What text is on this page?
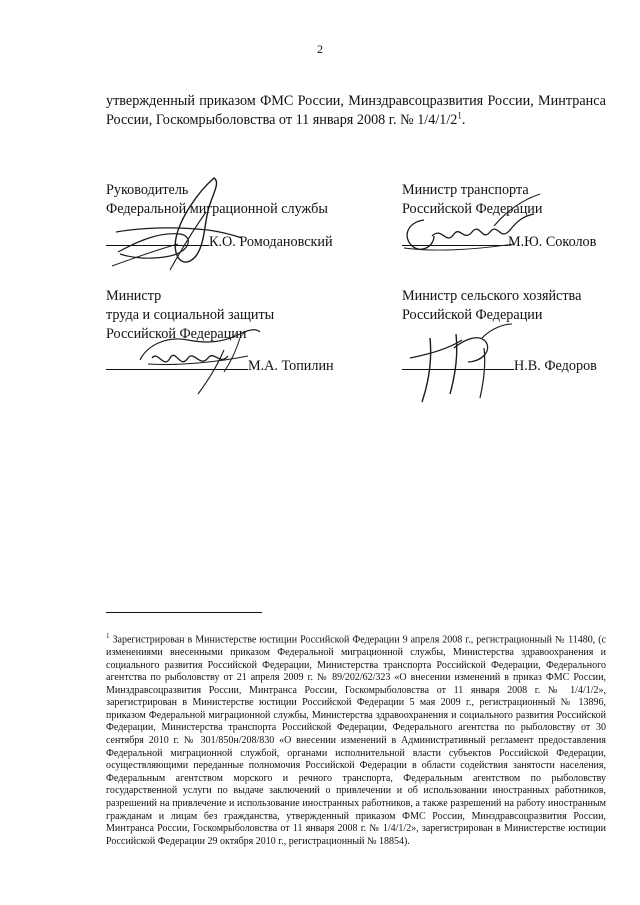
2
утвержденный приказом ФМС России, Минздравсоцразвития России, Минтранса России, Госкомрыболовства от 11 января 2008 г. № $1/4/1/2^1$.
Руководитель
Федеральной миграционной службы
К.О. Ромодановский
Министр транспорта
Российской Федерации
М.Ю. Соколов
Министр
труда и социальной защиты
Российской Федерации
М.А. Топилин
Министр сельского хозяйства
Российской Федерации
Н.В. Федоров
$^1$ Зарегистрирован в Министерстве юстиции Российской Федерации 9 апреля 2008 г., регистрационный № 11480, (с изменениями внесенными приказом Федеральной миграционной службы, Министерства здравоохранения и социального развития Российской Федерации, Министерства транспорта Российской Федерации, Федерального агентства по рыболовству от 21 апреля 2009 г. № 89/202/62/323 «О внесении изменений в приказ ФМС России, Минздравсоцразвития России, Минтранса России, Госкомрыболовства от 11 января 2008 г. № 1/4/1/2», зарегистрирован в Министерстве юстиции Российской Федерации 5 мая 2009 г., регистрационный № 13896, приказом Федеральной миграционной службы, Министерства здравоохранения и социального развития Российской Федерации, Министерства транспорта Российской Федерации, Федерального агентства по рыболовству от 30 сентября 2010 г. № 301/850н/208/830 «О внесении изменений в Административный регламент предоставления Федеральной миграционной службой, органами исполнительной власти субъектов Российской Федерации, осуществляющими переданные полномочия Российской Федерации в области содействия занятости населения, Федеральным агентством морского и речного транспорта, Федеральным агентством по рыболовству государственной услуги по выдаче заключений о привлечении и об использовании иностранных работников, разрешений на привлечение и использование иностранных работников, а также разрешений на работу иностранным гражданам и лицам без гражданства, утвержденный приказом ФМС России, Минздравсоцразвития России, Минтранса России, Госкомрыболовства от 11 января 2008 г. № 1/4/1/2», зарегистрирован в Министерстве юстиции Российской Федерации 29 октября 2010 г., регистрационный № 18854).
